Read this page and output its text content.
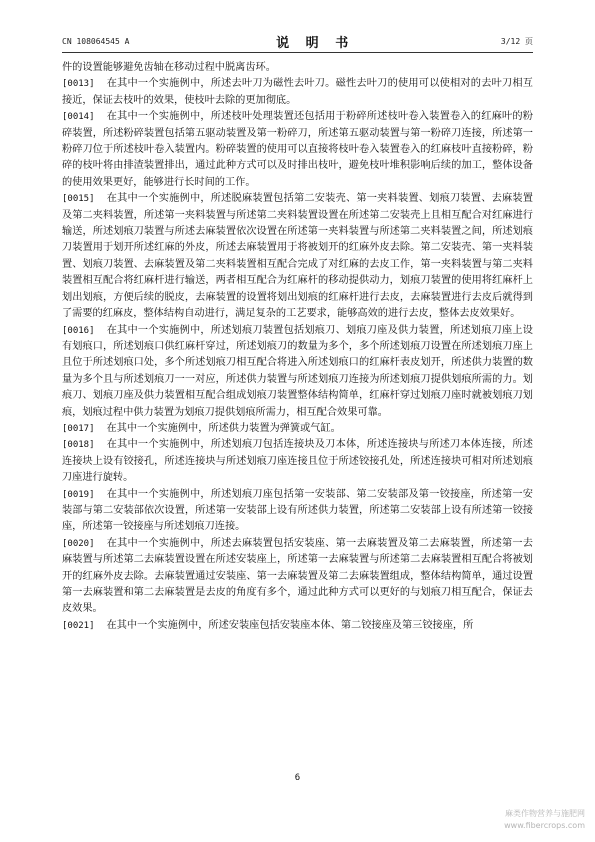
CN 108064545 A	说 明 书	3/12 页

件的设置能够避免齿轴在移动过程中脱离齿环。

[0013] 在其中一个实施例中，所述去叶刀为磁性去叶刀。磁性去叶刀的使用可以使相对的去叶刀相互接近，保证去枝叶的效果，使枝叶去除的更加彻底。

[0014] 在其中一个实施例中，所述枝叶处理装置还包括用于粉碎所述枝叶卷入装置卷入的红麻叶的粉碎装置，所述粉碎装置包括第五驱动装置及第一粉碎刀，所述第五驱动装置与第一粉碎刀连接，所述第一粉碎刀位于所述枝叶卷入装置内。粉碎装置的使用可以直接将枝叶卷入装置卷入的红麻枝叶直接粉碎，粉碎的枝叶将由排渣装置排出，通过此种方式可以及时排出枝叶，避免枝叶堆积影响后续的加工，整体设备的使用效果更好，能够进行长时间的工作。

[0015] 在其中一个实施例中，所述脱麻装置包括第二安装壳、第一夹料装置、划痕刀装置、去麻装置及第二夹料装置，所述第一夹料装置与所述第二夹料装置设置在所述第二安装壳上且相互配合对红麻进行输送，所述划痕刀装置与所述去麻装置依次设置在所述第一夹料装置与所述第二夹料装置之间，所述划痕刀装置用于划开所述红麻的外皮，所述去麻装置用于将被划开的红麻外皮去除。第二安装壳、第一夹料装置、划痕刀装置、去麻装置及第二夹料装置相互配合完成了对红麻的去皮工作，第一夹料装置与第二夹料装置相互配合将红麻杆进行输送，两者相互配合为红麻杆的移动提供动力，划痕刀装置的使用将红麻杆上划出划痕，方便后续的脱皮，去麻装置的设置将划出划痕的红麻杆进行去皮，去麻装置进行去皮后就得到了需要的红麻皮，整体结构自动进行，满足复杂的工艺要求，能够高效的进行去皮，整体去皮效果好。

[0016] 在其中一个实施例中，所述划痕刀装置包括划痕刀、划痕刀座及供力装置，所述划痕刀座上设有划痕口，所述划痕口供红麻杆穿过，所述划痕刀的数量为多个，多个所述划痕刀设置在所述划痕刀座上且位于所述划痕口处，多个所述划痕刀相互配合将进入所述划痕口的红麻杆表皮划开，所述供力装置的数量为多个且与所述划痕刀一一对应，所述供力装置与所述划痕刀连接为所述划痕刀提供划痕所需的力。划痕刀、划痕刀座及供力装置相互配合组成划痕刀装置整体结构简单，红麻杆穿过划痕刀座时就被划痕刀划痕，划痕过程中供力装置为划痕刀提供划痕所需力，相互配合效果可靠。

[0017] 在其中一个实施例中，所述供力装置为弹簧或气缸。

[0018] 在其中一个实施例中，所述划痕刀包括连接块及刀本体，所述连接块与所述刀本体连接，所述连接块上设有铰接孔，所述连接块与所述划痕刀座连接且位于所述铰接孔处，所述连接块可相对所述划痕刀座进行旋转。

[0019] 在其中一个实施例中，所述划痕刀座包括第一安装部、第二安装部及第一铰接座，所述第一安装部与第二安装部依次设置，所述第一安装部上设有所述供力装置，所述第二安装部上设有所述第一铰接座，所述第一铰接座与所述划痕刀连接。

[0020] 在其中一个实施例中，所述去麻装置包括安装座、第一去麻装置及第二去麻装置，所述第一去麻装置与所述第二去麻装置设置在所述安装座上，所述第一去麻装置与所述第二去麻装置相互配合将被划开的红麻外皮去除。去麻装置通过安装座、第一去麻装置及第二去麻装置组成，整体结构简单，通过设置第一去麻装置和第二去麻装置是去皮的角度有多个，通过此种方式可以更好的与划痕刀相互配合，保证去皮效果。

[0021] 在其中一个实施例中，所述安装座包括安装座本体、第二铰接座及第三铰接座，所

6
麻类作物营养与施肥网 www.fibercrops.com
